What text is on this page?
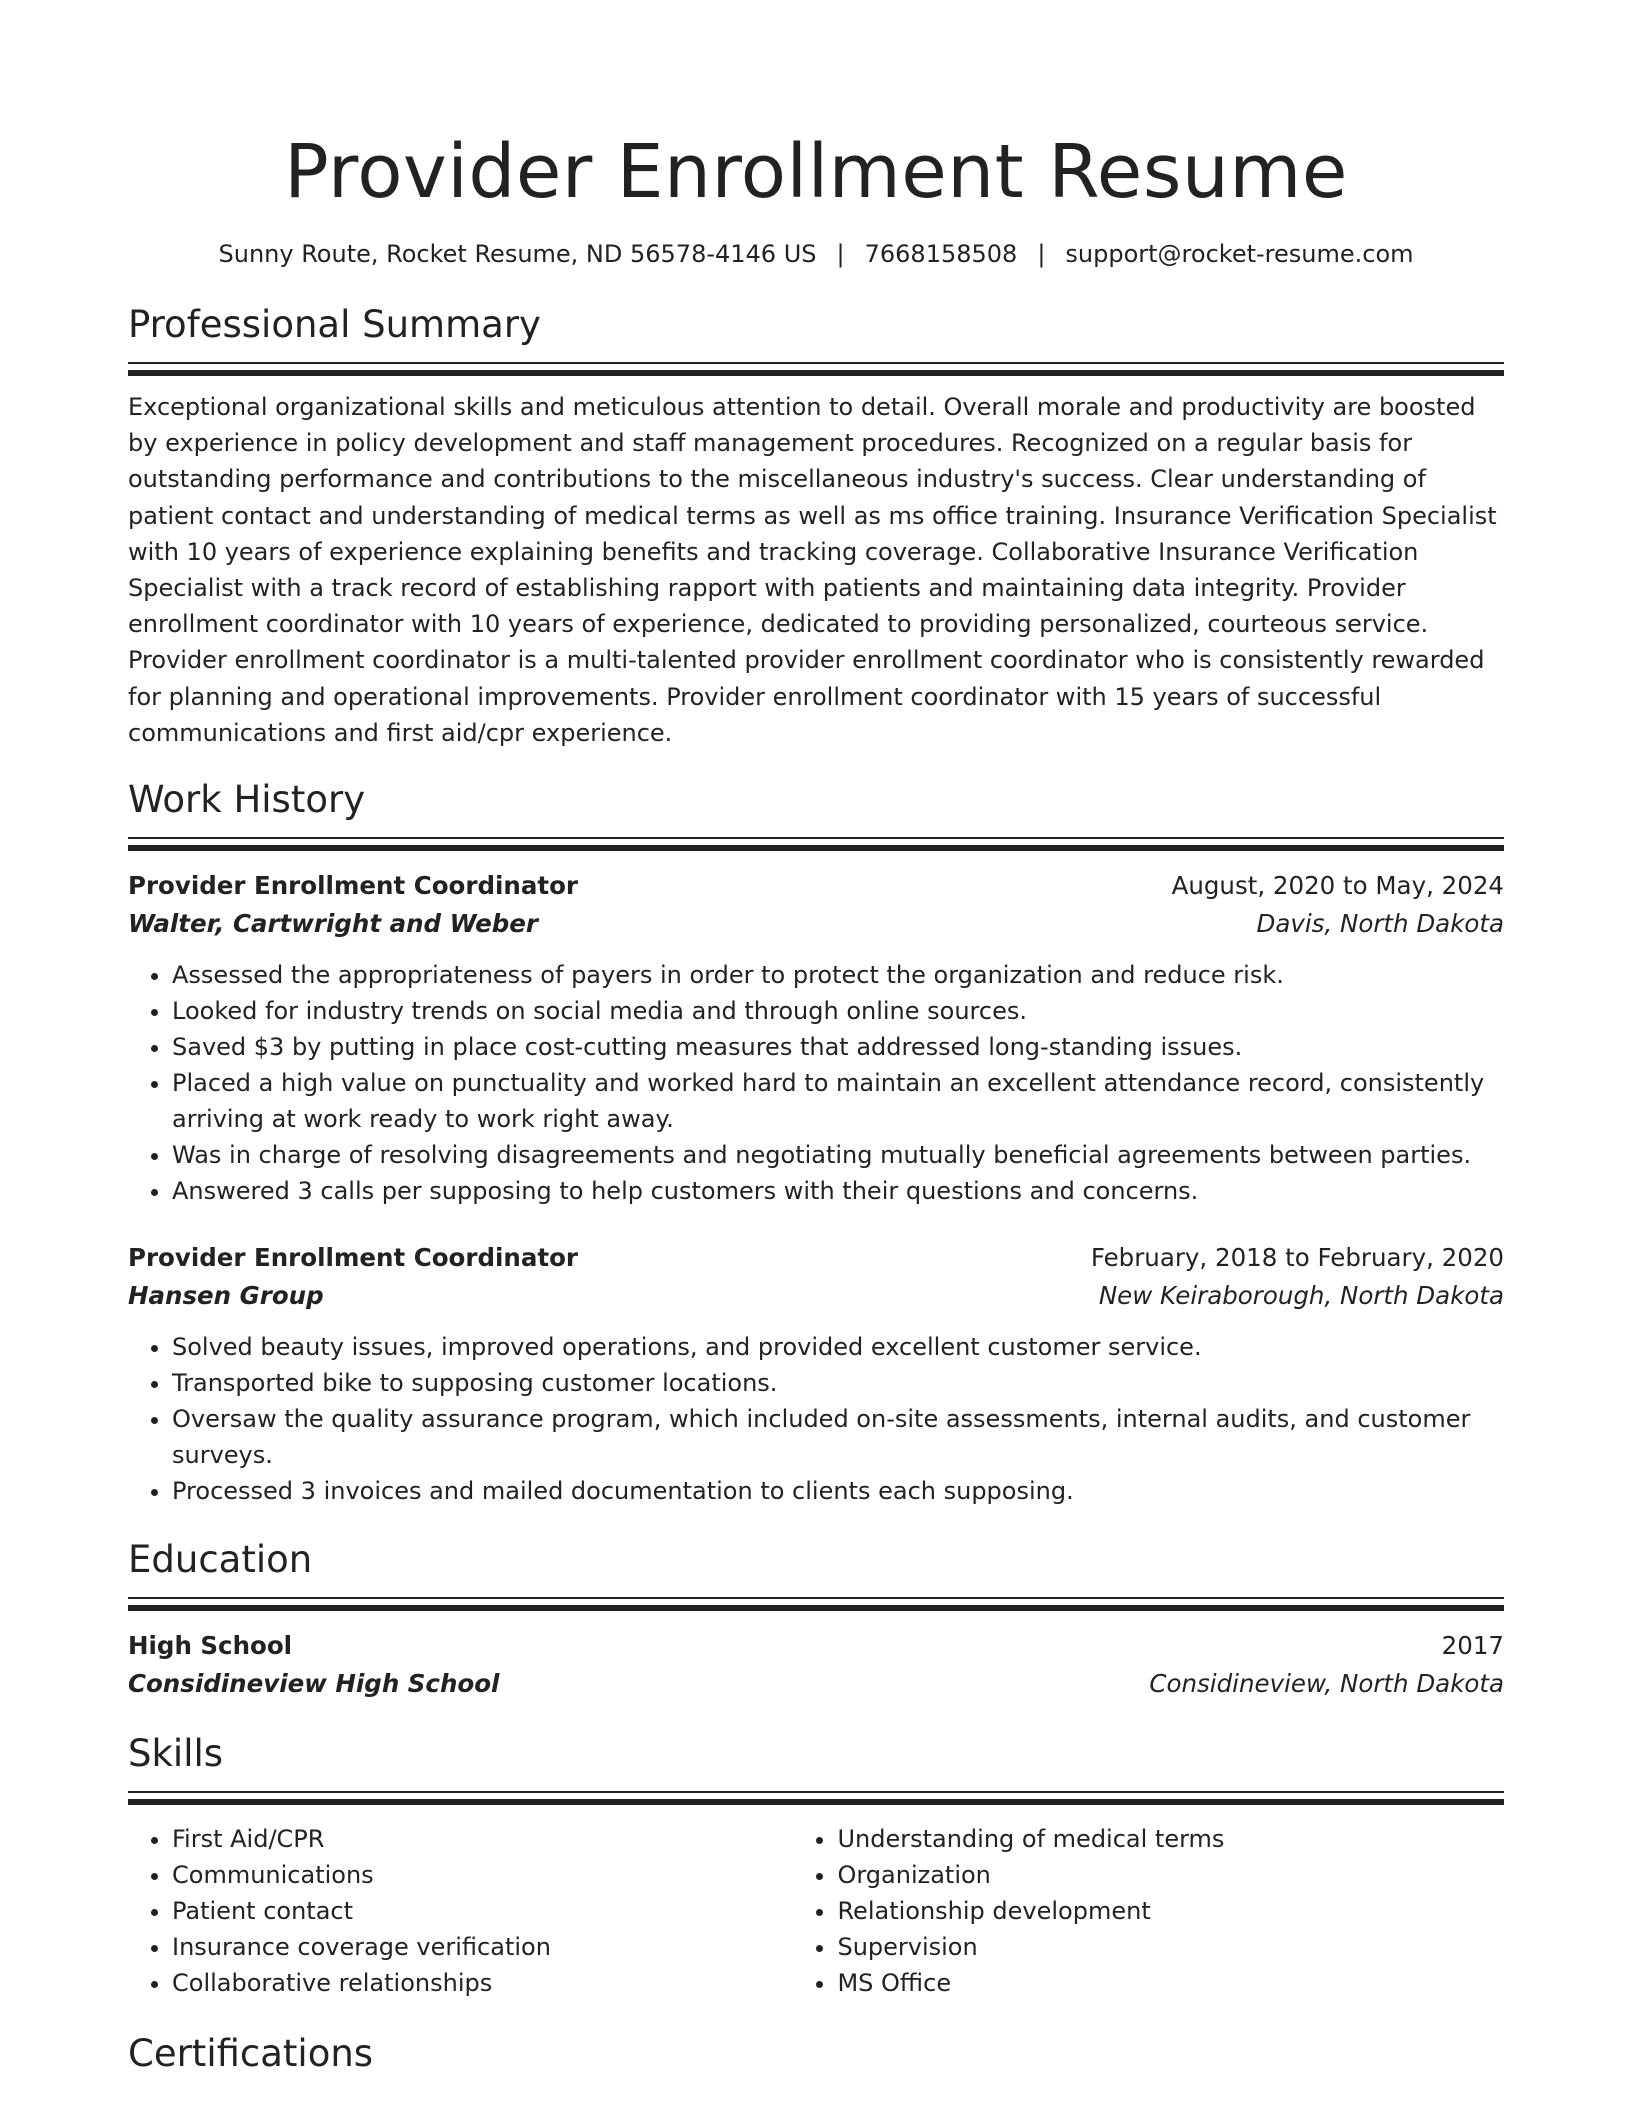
Provider Enrollment Resume
Sunny Route, Rocket Resume, ND 56578-4146 US | 7668158508 | support@rocket-resume.com
Professional Summary
Exceptional organizational skills and meticulous attention to detail. Overall morale and productivity are boosted by experience in policy development and staff management procedures. Recognized on a regular basis for outstanding performance and contributions to the miscellaneous industry's success. Clear understanding of patient contact and understanding of medical terms as well as ms office training. Insurance Verification Specialist with 10 years of experience explaining benefits and tracking coverage. Collaborative Insurance Verification Specialist with a track record of establishing rapport with patients and maintaining data integrity. Provider enrollment coordinator with 10 years of experience, dedicated to providing personalized, courteous service. Provider enrollment coordinator is a multi-talented provider enrollment coordinator who is consistently rewarded for planning and operational improvements. Provider enrollment coordinator with 15 years of successful communications and first aid/cpr experience.
Work History
Provider Enrollment Coordinator	August, 2020 to May, 2024
Walter, Cartwright and Weber	Davis, North Dakota
• Assessed the appropriateness of payers in order to protect the organization and reduce risk.
• Looked for industry trends on social media and through online sources.
• Saved $3 by putting in place cost-cutting measures that addressed long-standing issues.
• Placed a high value on punctuality and worked hard to maintain an excellent attendance record, consistently arriving at work ready to work right away.
• Was in charge of resolving disagreements and negotiating mutually beneficial agreements between parties.
• Answered 3 calls per supposing to help customers with their questions and concerns.
Provider Enrollment Coordinator	February, 2018 to February, 2020
Hansen Group	New Keiraborough, North Dakota
• Solved beauty issues, improved operations, and provided excellent customer service.
• Transported bike to supposing customer locations.
• Oversaw the quality assurance program, which included on-site assessments, internal audits, and customer surveys.
• Processed 3 invoices and mailed documentation to clients each supposing.
Education
High School	2017
Considineview High School	Considineview, North Dakota
Skills
• First Aid/CPR
• Communications
• Patient contact
• Insurance coverage verification
• Collaborative relationships
• Understanding of medical terms
• Organization
• Relationship development
• Supervision
• MS Office
Certifications
